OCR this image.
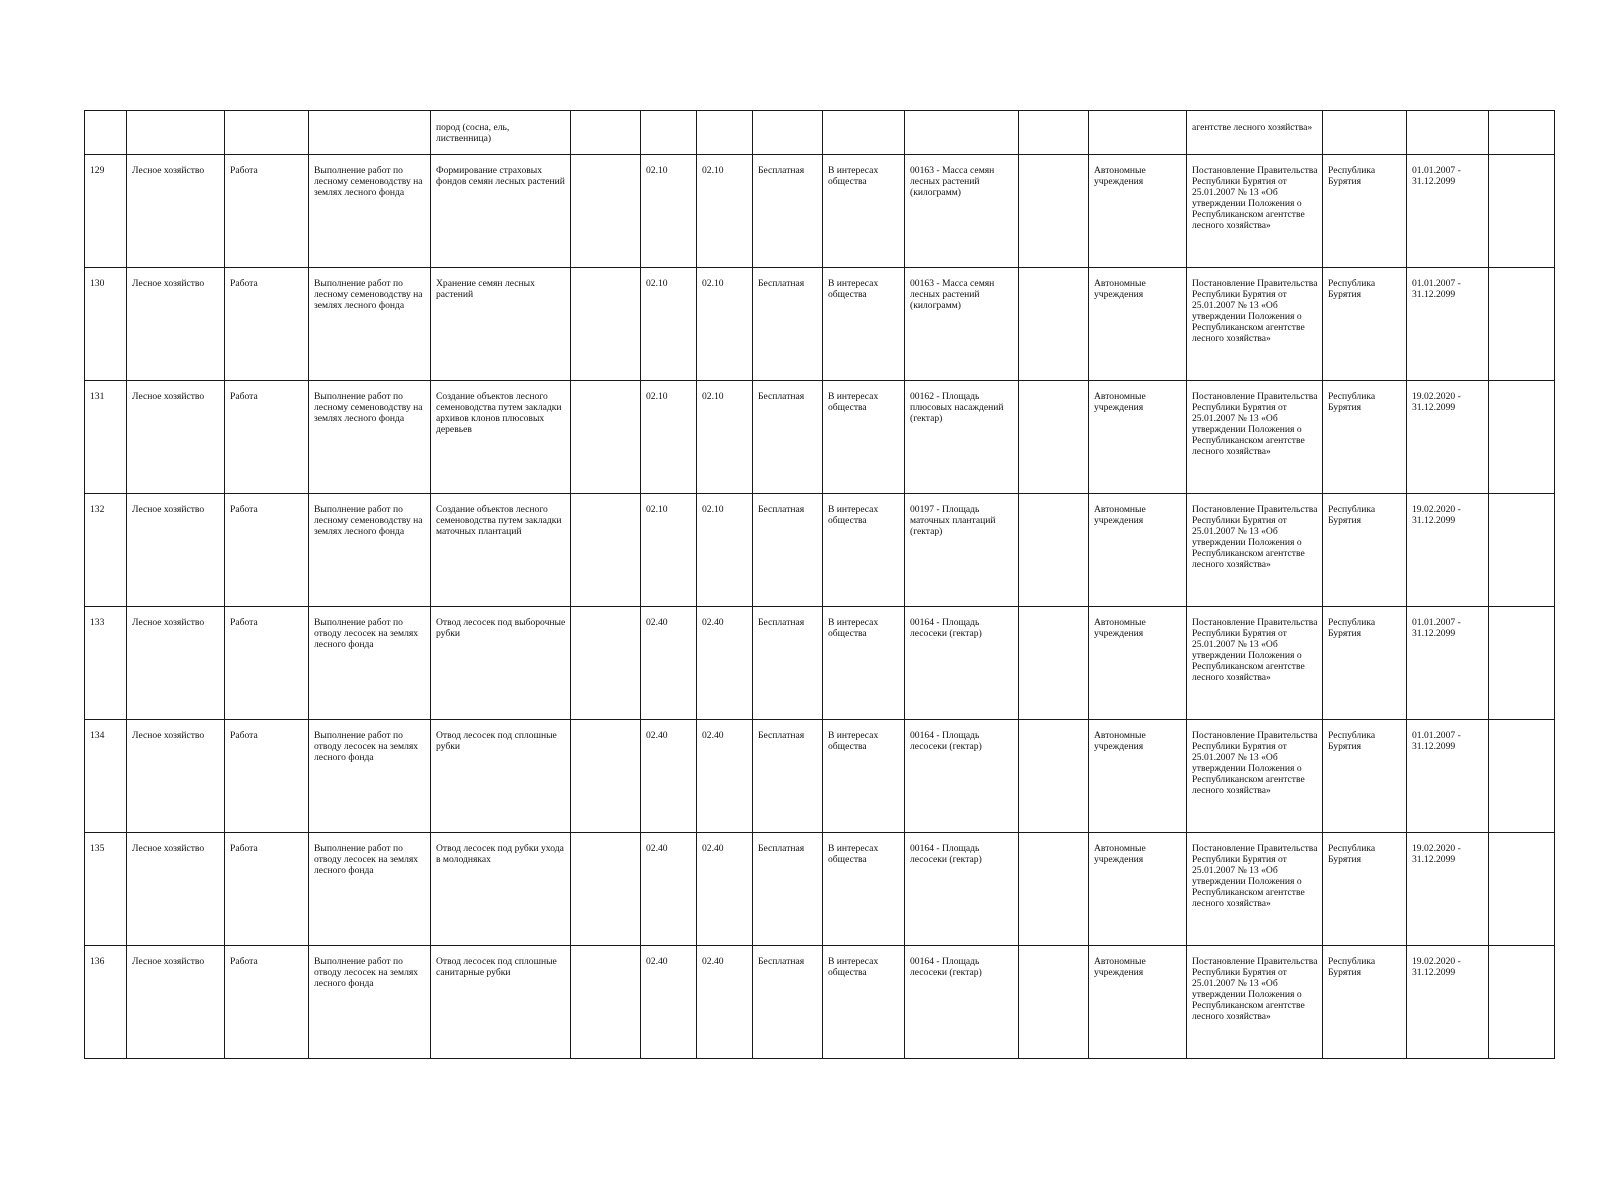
				пород (сосна, ель, лиственница)									агентстве лесного хозяйства»			
129	Лесное хозяйство	Работа	Выполнение работ по лесному семеноводству на землях лесного фонда	Формирование страховых фондов семян лесных растений		02.10	02.10	Бесплатная	В интересах общества	00163 - Масса семян лесных растений (килограмм)		Автономные учреждения	Постановление Правительства Республики Бурятия от 25.01.2007 № 13 «Об утверждении Положения о Республиканском агентстве лесного хозяйства»	Республика Бурятия	01.01.2007 - 31.12.2099	
130	Лесное хозяйство	Работа	Выполнение работ по лесному семеноводству на землях лесного фонда	Хранение семян лесных растений		02.10	02.10	Бесплатная	В интересах общества	00163 - Масса семян лесных растений (килограмм)		Автономные учреждения	Постановление Правительства Республики Бурятия от 25.01.2007 № 13 «Об утверждении Положения о Республиканском агентстве лесного хозяйства»	Республика Бурятия	01.01.2007 - 31.12.2099	
131	Лесное хозяйство	Работа	Выполнение работ по лесному семеноводству на землях лесного фонда	Создание объектов лесного семеноводства путем закладки архивов клонов плюсовых деревьев		02.10	02.10	Бесплатная	В интересах общества	00162 - Площадь плюсовых насаждений (гектар)		Автономные учреждения	Постановление Правительства Республики Бурятия от 25.01.2007 № 13 «Об утверждении Положения о Республиканском агентстве лесного хозяйства»	Республика Бурятия	19.02.2020 - 31.12.2099	
132	Лесное хозяйство	Работа	Выполнение работ по лесному семеноводству на землях лесного фонда	Создание объектов лесного семеноводства путем закладки маточных плантаций		02.10	02.10	Бесплатная	В интересах общества	00197 - Площадь маточных плантаций (гектар)		Автономные учреждения	Постановление Правительства Республики Бурятия от 25.01.2007 № 13 «Об утверждении Положения о Республиканском агентстве лесного хозяйства»	Республика Бурятия	19.02.2020 - 31.12.2099	
133	Лесное хозяйство	Работа	Выполнение работ по отводу лесосек на землях лесного фонда	Отвод лесосек под выборочные рубки		02.40	02.40	Бесплатная	В интересах общества	00164 - Площадь лесосеки (гектар)		Автономные учреждения	Постановление Правительства Республики Бурятия от 25.01.2007 № 13 «Об утверждении Положения о Республиканском агентстве лесного хозяйства»	Республика Бурятия	01.01.2007 - 31.12.2099	
134	Лесное хозяйство	Работа	Выполнение работ по отводу лесосек на землях лесного фонда	Отвод лесосек под сплошные рубки		02.40	02.40	Бесплатная	В интересах общества	00164 - Площадь лесосеки (гектар)		Автономные учреждения	Постановление Правительства Республики Бурятия от 25.01.2007 № 13 «Об утверждении Положения о Республиканском агентстве лесного хозяйства»	Республика Бурятия	01.01.2007 - 31.12.2099	
135	Лесное хозяйство	Работа	Выполнение работ по отводу лесосек на землях лесного фонда	Отвод лесосек под рубки ухода в молодняках		02.40	02.40	Бесплатная	В интересах общества	00164 - Площадь лесосеки (гектар)		Автономные учреждения	Постановление Правительства Республики Бурятия от 25.01.2007 № 13 «Об утверждении Положения о Республиканском агентстве лесного хозяйства»	Республика Бурятия	19.02.2020 - 31.12.2099	
136	Лесное хозяйство	Работа	Выполнение работ по отводу лесосек на землях лесного фонда	Отвод лесосек под сплошные санитарные рубки		02.40	02.40	Бесплатная	В интересах общества	00164 - Площадь лесосеки (гектар)		Автономные учреждения	Постановление Правительства Республики Бурятия от 25.01.2007 № 13 «Об утверждении Положения о Республиканском агентстве лесного хозяйства»	Республика Бурятия	19.02.2020 - 31.12.2099	
